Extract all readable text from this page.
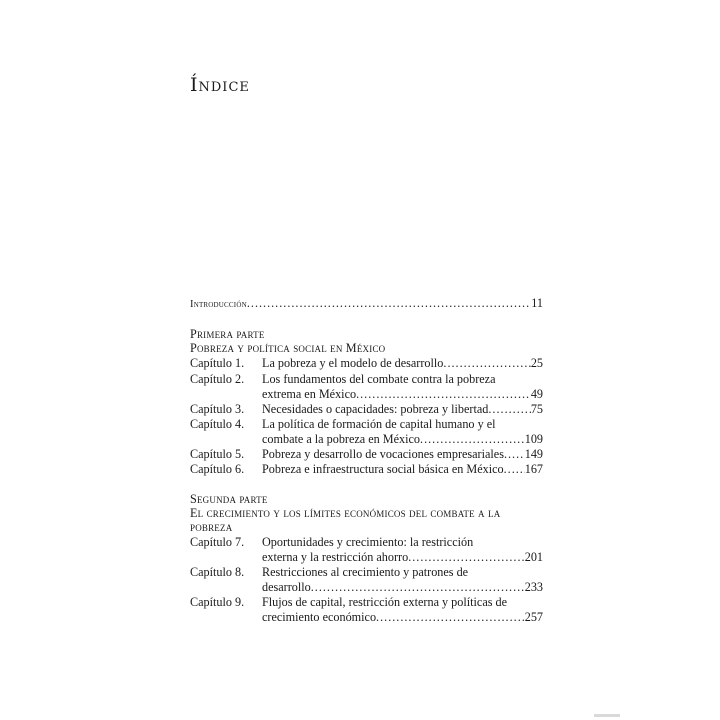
Índice
Introducción .....	11
Primera parte
Pobreza y política social en México
Capítulo 1. La pobreza y el modelo de desarrollo .....	25
Capítulo 2. Los fundamentos del combate contra la pobreza
extrema en México .....	49
Capítulo 3. Necesidades o capacidades: pobreza y libertad .....	75
Capítulo 4. La política de formación de capital humano y el
combate a la pobreza en México .....	109
Capítulo 5. Pobreza y desarrollo de vocaciones empresariales ..... 149
Capítulo 6. Pobreza e infraestructura social básica en México ..... 167
Segunda parte
El crecimiento y los límites económicos del combate a la
pobreza
Capítulo 7. Oportunidades y crecimiento: la restricción
externa y la restricción ahorro .....	201
Capítulo 8. Restricciones al crecimiento y patrones de
desarrollo .....	233
Capítulo 9. Flujos de capital, restricción externa y políticas de
crecimiento económico .....	257
